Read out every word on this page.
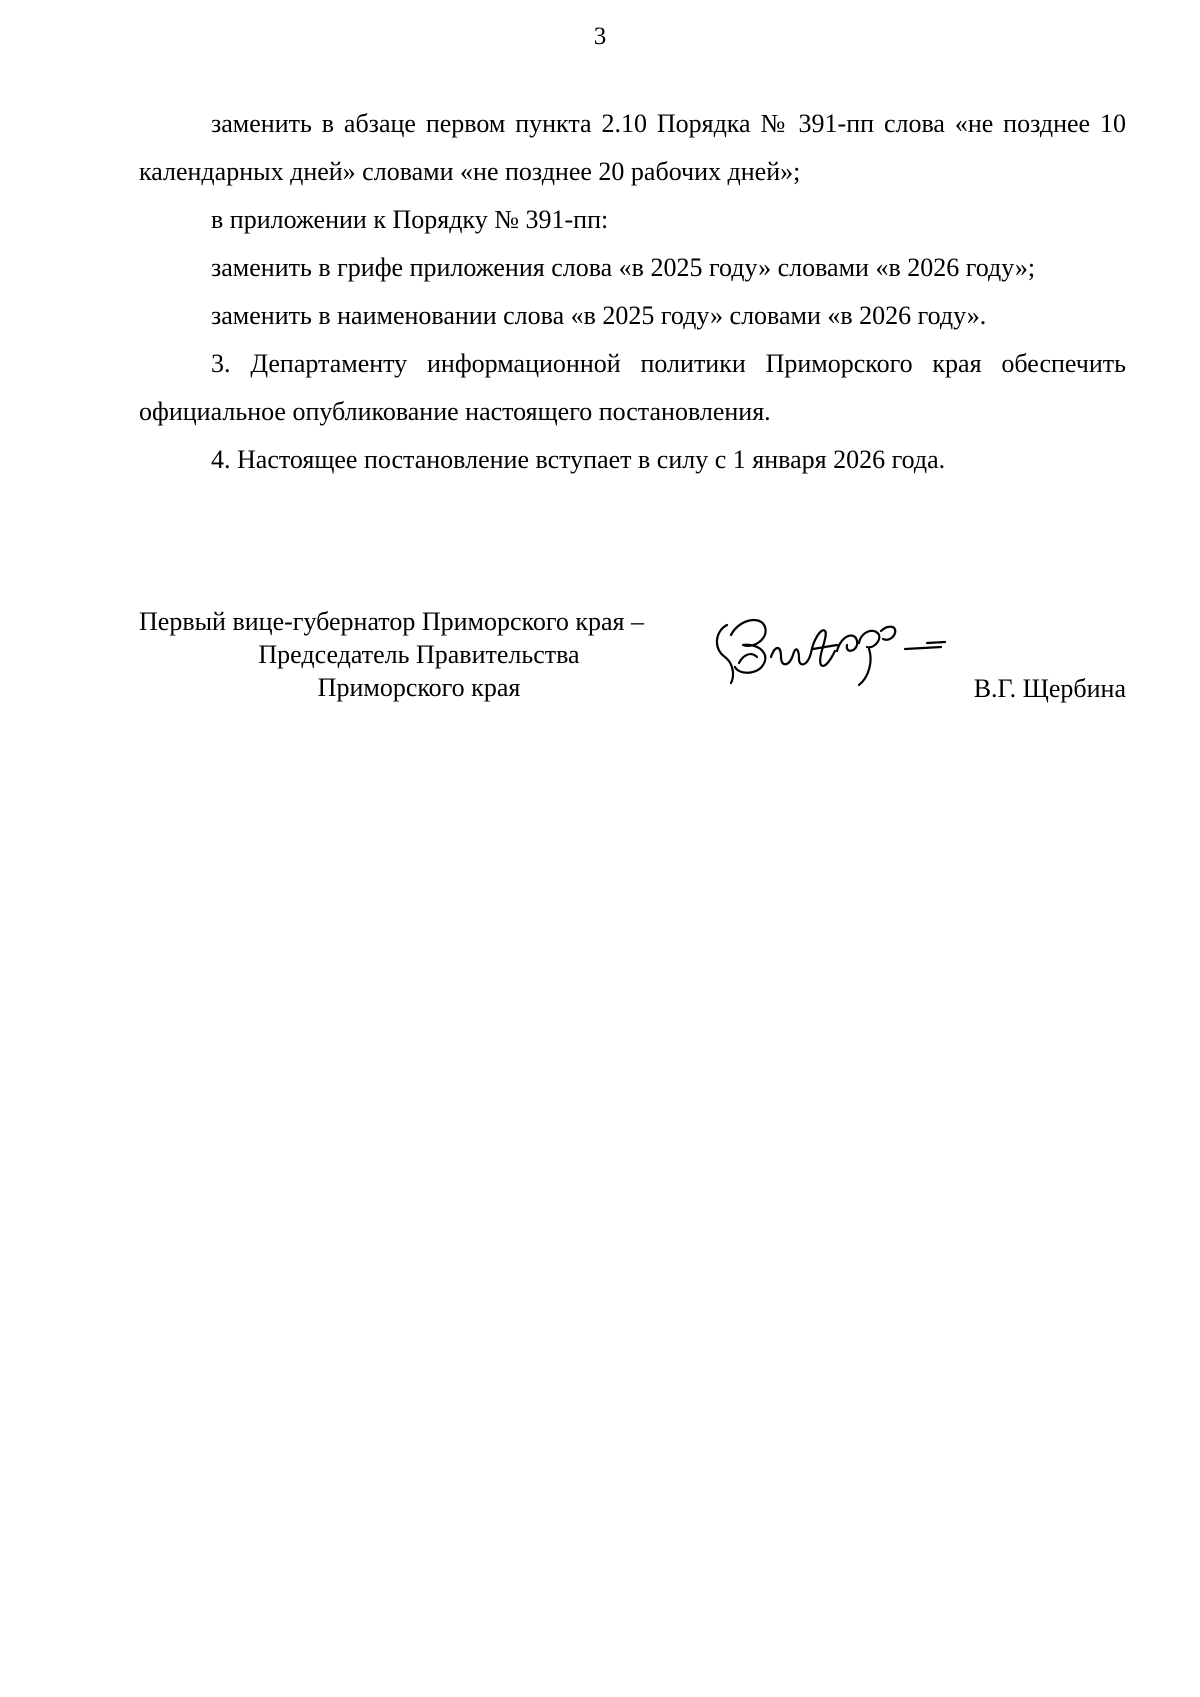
3

заменить в абзаце первом пункта 2.10 Порядка № 391-пп слова «не позднее 10 календарных дней» словами «не позднее 20 рабочих дней»;

в приложении к Порядку № 391-пп:

заменить в грифе приложения слова «в 2025 году» словами «в 2026 году»;

заменить в наименовании слова «в 2025 году» словами «в 2026 году».

3. Департаменту информационной политики Приморского края обеспечить официальное опубликование настоящего постановления.

4. Настоящее постановление вступает в силу с 1 января 2026 года.

Первый вице-губернатор Приморского края –
Председатель Правительства
Приморского края	В.Г. Щербина
